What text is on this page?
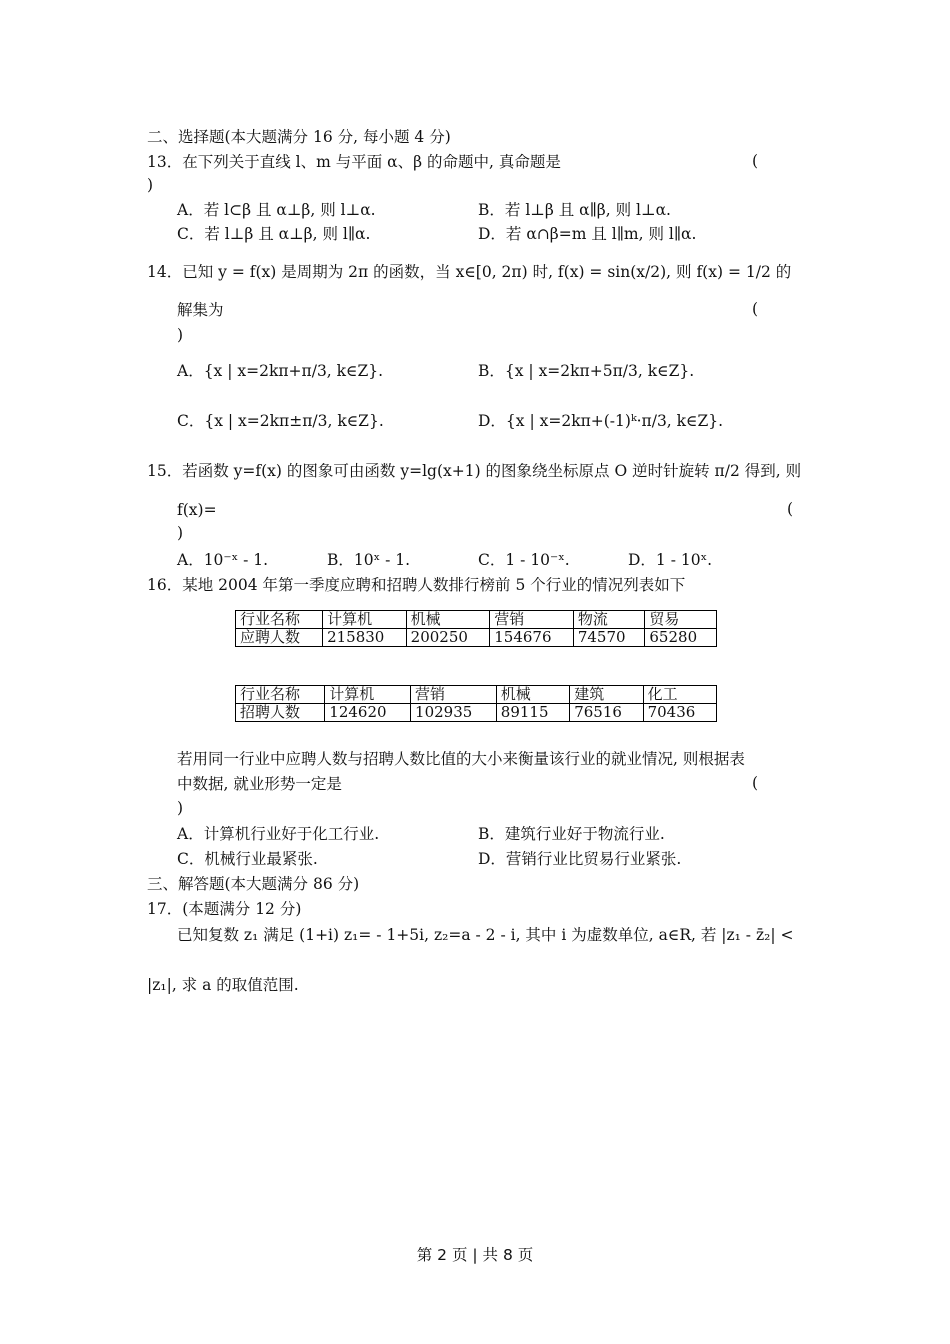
二、选择题(本大题满分 16 分, 每小题 4 分)
13．在下列关于直线 l、m 与平面 α、β 的命题中, 真命题是	(
)
A．若 l⊂β 且 α⊥β, 则 l⊥α.	B．若 l⊥β 且 α∥β, 则 l⊥α.
C．若 l⊥β 且 α⊥β, 则 l∥α.	D．若 α∩β=m 且 l∥m, 则 l∥α.
14．已知 y = f(x) 是周期为 2π 的函数，当 x∈[0, 2π) 时, f(x) = sin(x/2), 则 f(x) = 1/2 的
解集为	(
)
A．{x | x=2kπ+π/3, k∈Z}.	B．{x | x=2kπ+5π/3, k∈Z}.
C．{x | x=2kπ±π/3, k∈Z}.	D．{x | x=2kπ+(-1)ᵏ·π/3, k∈Z}.
15．若函数 y=f(x) 的图象可由函数 y=lg(x+1) 的图象绕坐标原点 O 逆时针旋转 π/2 得到, 则
f(x)=	(
)
A．10⁻ˣ - 1.	B．10ˣ - 1.	C．1 - 10⁻ˣ.	D．1 - 10ˣ.
16．某地 2004 年第一季度应聘和招聘人数排行榜前 5 个行业的情况列表如下
行业名称	计算机	机械	营销	物流	贸易
应聘人数	215830	200250	154676	74570	65280
行业名称	计算机	营销	机械	建筑	化工
招聘人数	124620	102935	89115	76516	70436
若用同一行业中应聘人数与招聘人数比值的大小来衡量该行业的就业情况, 则根据表
中数据, 就业形势一定是	(
)
A．计算机行业好于化工行业.	B．建筑行业好于物流行业.
C．机械行业最紧张.	D．营销行业比贸易行业紧张.
三、解答题(本大题满分 86 分)
17．(本题满分 12 分)
已知复数 z₁ 满足 (1+i) z₁= - 1+5i, z₂=a - 2 - i, 其中 i 为虚数单位, a∈R, 若 |z₁ - z̄₂| <
|z₁|, 求 a 的取值范围.
第 2 页 | 共 8 页
